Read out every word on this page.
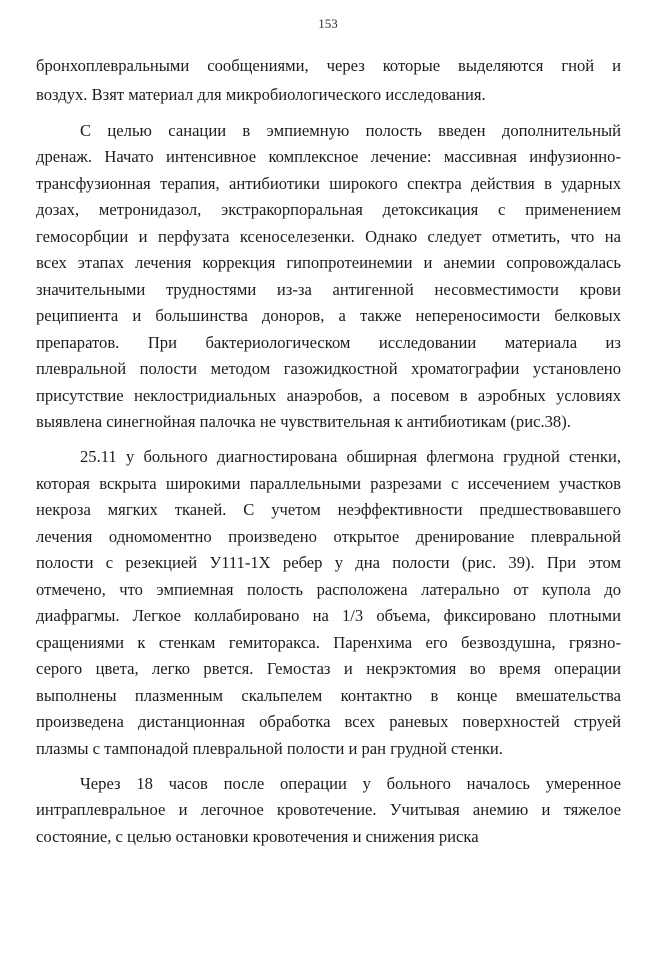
153
бронхоплевральными сообщениями, через которые выделяются гной и
воздух. Взят материал для микробиологического исследования.
С целью санации в эмпиемную полость введен дополнительный
дренаж. Начато интенсивное комплексное лечение: массивная инфузионно-
трансфузионная терапия, антибиотики широкого спектра действия в ударных
дозах, метронидазол, экстракорпоральная детоксикация с применением
гемосорбции и перфузата ксеноселезенки. Однако следует отметить, что на
всех этапах лечения коррекция гипопротеинемии и анемии сопровождалась
значительными трудностями из-за антигенной несовместимости крови
реципиента и большинства доноров, а также непереносимости белковых
препаратов. При бактериологическом исследовании материала из
плевральной полости методом газожидкостной хроматографии установлено
присутствие неклостридиальных анаэробов, а посевом в аэробных условиях
выявлена синегнойная палочка не чувствительная к антибиотикам (рис.38).
25.11 у больного диагностирована обширная флегмона грудной стенки,
которая вскрыта широкими параллельными разрезами с иссечением участков
некроза мягких тканей. С учетом неэффективности предшествовавшего
лечения одномоментно произведено открытое дренирование плевральной
полости с резекцией У111-1Х ребер у дна полости (рис. 39). При этом
отмечено, что эмпиемная полость расположена латерально от купола до
диафрагмы. Легкое коллабировано на 1/3 объема, фиксировано плотными
сращениями к стенкам гемиторакса. Паренхима его безвоздушна, грязно-
серого цвета, легко рвется. Гемостаз и некрэктомия во время операции
выполнены плазменным скальпелем контактно в конце вмешательства
произведена дистанционная обработка всех раневых поверхностей струей
плазмы с тампонадой плевральной полости и ран грудной стенки.
Через 18 часов после операции у больного началось умеренное
интраплевральное и легочное кровотечение. Учитывая анемию и тяжелое
состояние, с целью остановки кровотечения и снижения риска
